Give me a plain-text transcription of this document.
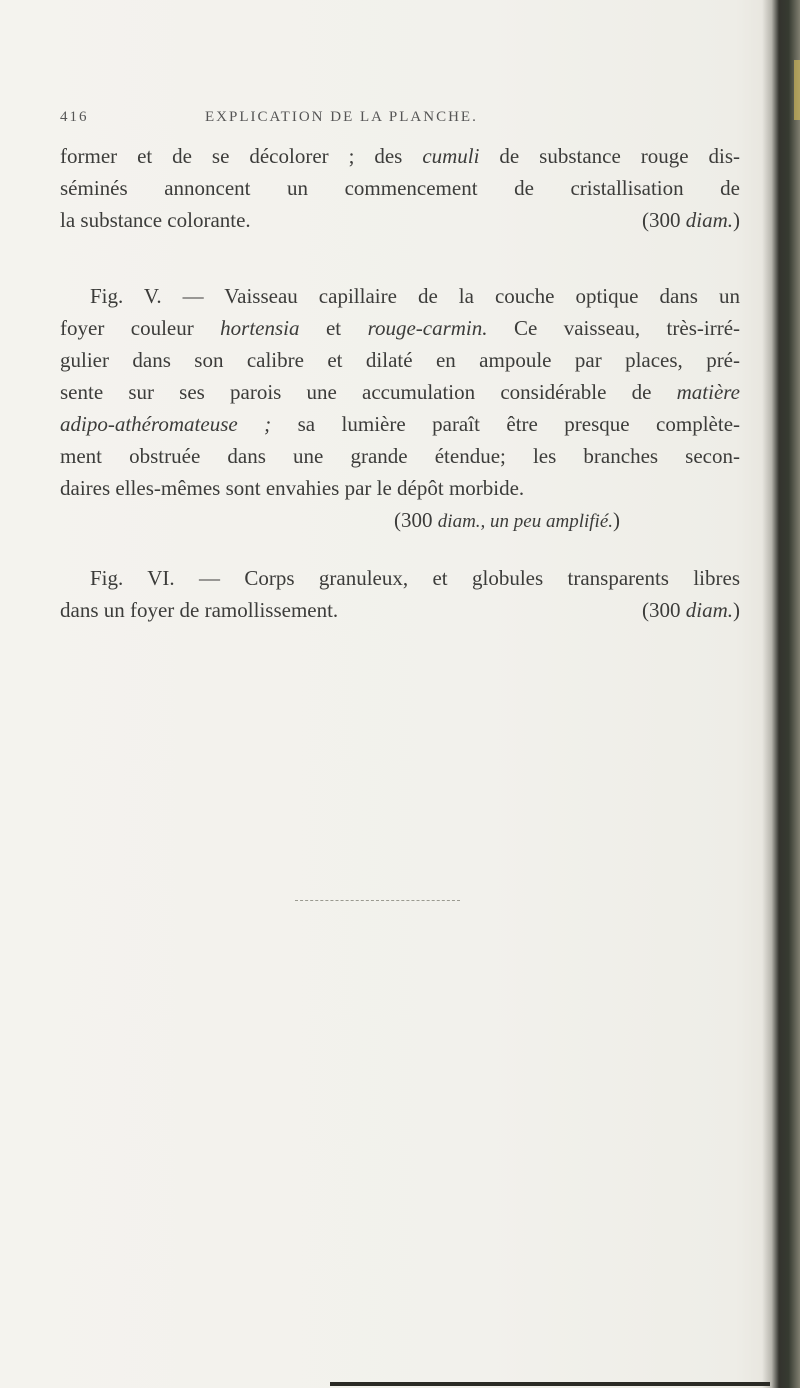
416	EXPLICATION DE LA PLANCHE.
former et de se décolorer ; des cumuli de substance rouge dis-
séminés annoncent un commencement de cristallisation de
la substance colorante.	(300 diam.)
Fig. V. — Vaisseau capillaire de la couche optique dans un
foyer couleur hortensia et rouge-carmin. Ce vaisseau, très-irré-
gulier dans son calibre et dilaté en ampoule par places, pré-
sente sur ses parois une accumulation considérable de matière
adipo-athéromateuse ; sa lumière paraît être presque complète-
ment obstruée dans une grande étendue; les branches secon-
daires elles-mêmes sont envahies par le dépôt morbide.
(300 diam., un peu amplifié.)
Fig. VI. — Corps granuleux, et globules transparents libres
dans un foyer de ramollissement.	(300 diam.)
